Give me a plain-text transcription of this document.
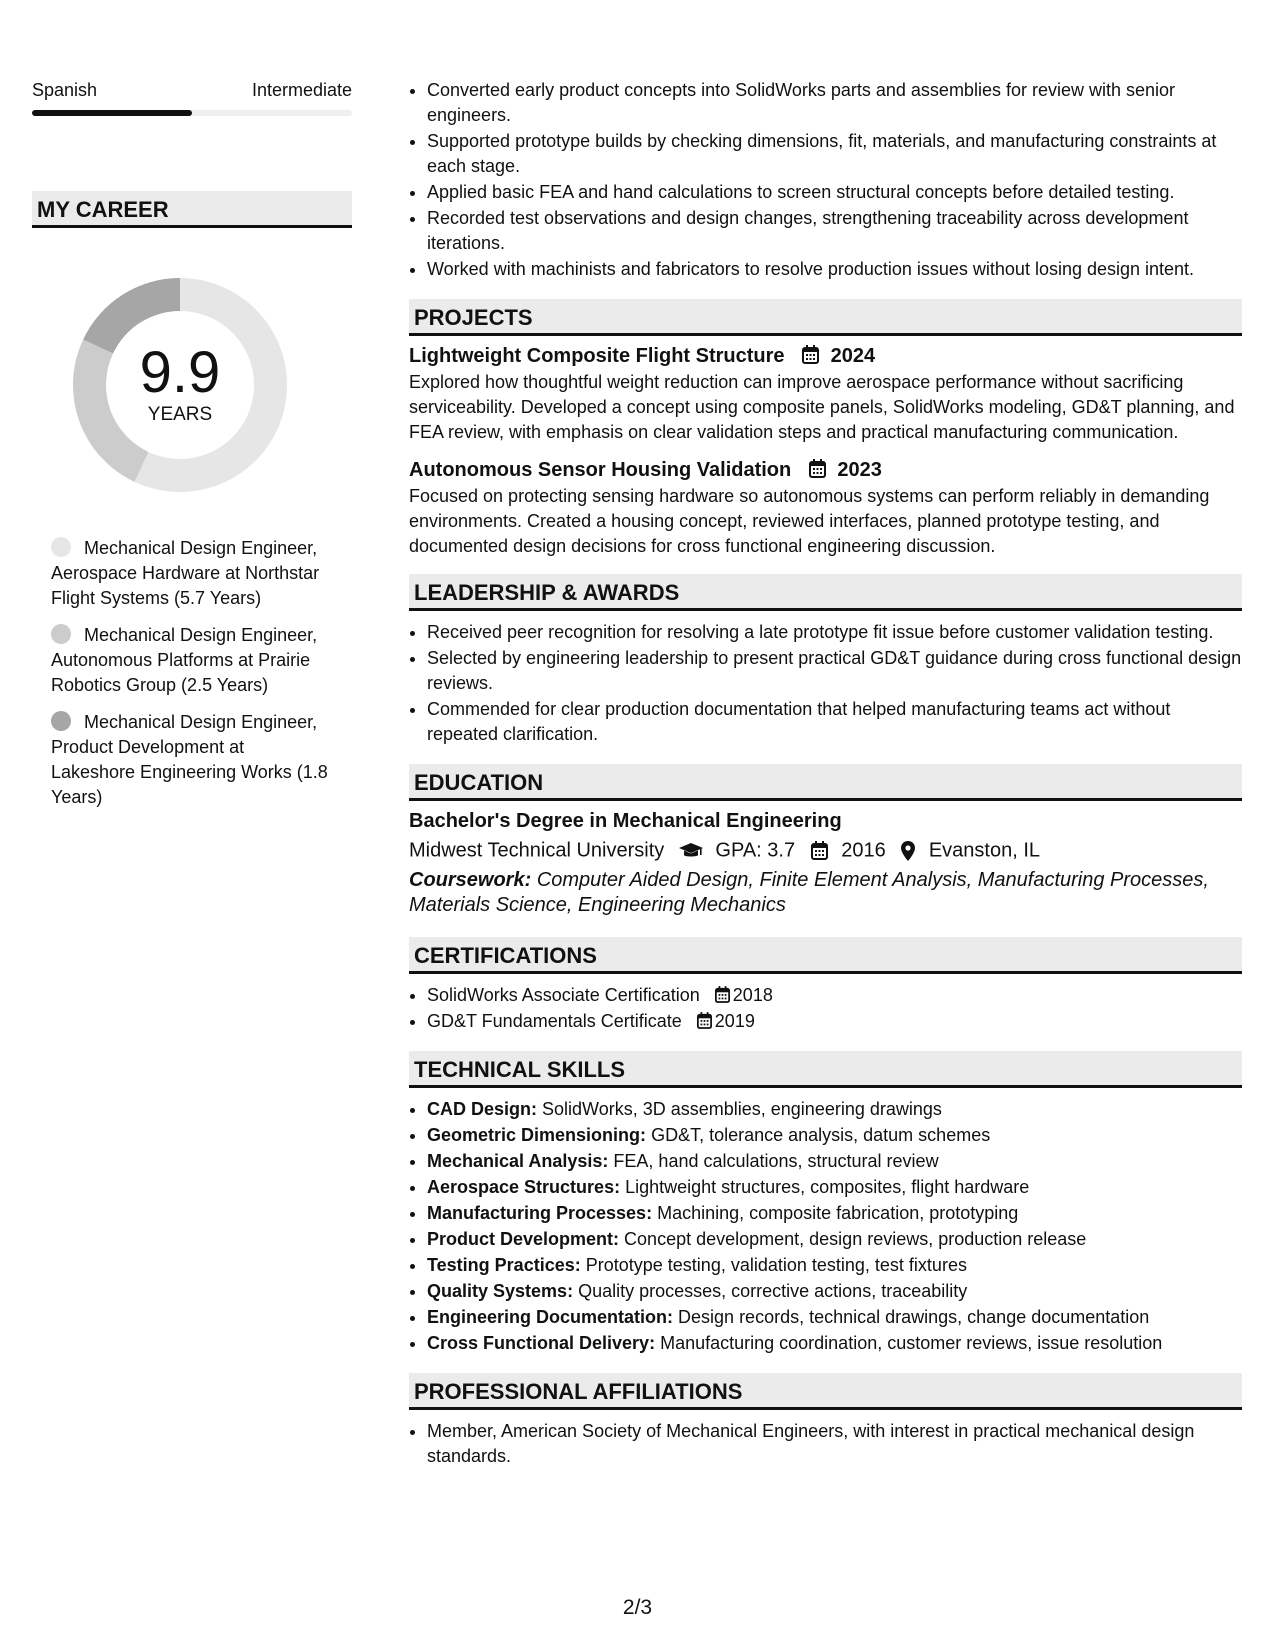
Spanish	Intermediate
MY CAREER
9.9
YEARS
Mechanical Design Engineer, Aerospace Hardware at Northstar Flight Systems (5.7 Years)
Mechanical Design Engineer, Autonomous Platforms at Prairie Robotics Group (2.5 Years)
Mechanical Design Engineer, Product Development at Lakeshore Engineering Works (1.8 Years)
• Converted early product concepts into SolidWorks parts and assemblies for review with senior engineers.
• Supported prototype builds by checking dimensions, fit, materials, and manufacturing constraints at each stage.
• Applied basic FEA and hand calculations to screen structural concepts before detailed testing.
• Recorded test observations and design changes, strengthening traceability across development iterations.
• Worked with machinists and fabricators to resolve production issues without losing design intent.
PROJECTS
Lightweight Composite Flight Structure 2024
Explored how thoughtful weight reduction can improve aerospace performance without sacrificing serviceability. Developed a concept using composite panels, SolidWorks modeling, GD&T planning, and FEA review, with emphasis on clear validation steps and practical manufacturing communication.
Autonomous Sensor Housing Validation 2023
Focused on protecting sensing hardware so autonomous systems can perform reliably in demanding environments. Created a housing concept, reviewed interfaces, planned prototype testing, and documented design decisions for cross functional engineering discussion.
LEADERSHIP & AWARDS
• Received peer recognition for resolving a late prototype fit issue before customer validation testing.
• Selected by engineering leadership to present practical GD&T guidance during cross functional design reviews.
• Commended for clear production documentation that helped manufacturing teams act without repeated clarification.
EDUCATION
Bachelor's Degree in Mechanical Engineering
Midwest Technical University	GPA: 3.7 2016 Evanston, IL
Coursework: Computer Aided Design, Finite Element Analysis, Manufacturing Processes, Materials Science, Engineering Mechanics
CERTIFICATIONS
• SolidWorks Associate Certification 2018
• GD&T Fundamentals Certificate 2019
TECHNICAL SKILLS
• CAD Design: SolidWorks, 3D assemblies, engineering drawings
• Geometric Dimensioning: GD&T, tolerance analysis, datum schemes
• Mechanical Analysis: FEA, hand calculations, structural review
• Aerospace Structures: Lightweight structures, composites, flight hardware
• Manufacturing Processes: Machining, composite fabrication, prototyping
• Product Development: Concept development, design reviews, production release
• Testing Practices: Prototype testing, validation testing, test fixtures
• Quality Systems: Quality processes, corrective actions, traceability
• Engineering Documentation: Design records, technical drawings, change documentation
• Cross Functional Delivery: Manufacturing coordination, customer reviews, issue resolution
PROFESSIONAL AFFILIATIONS
• Member, American Society of Mechanical Engineers, with interest in practical mechanical design standards.
2/3
